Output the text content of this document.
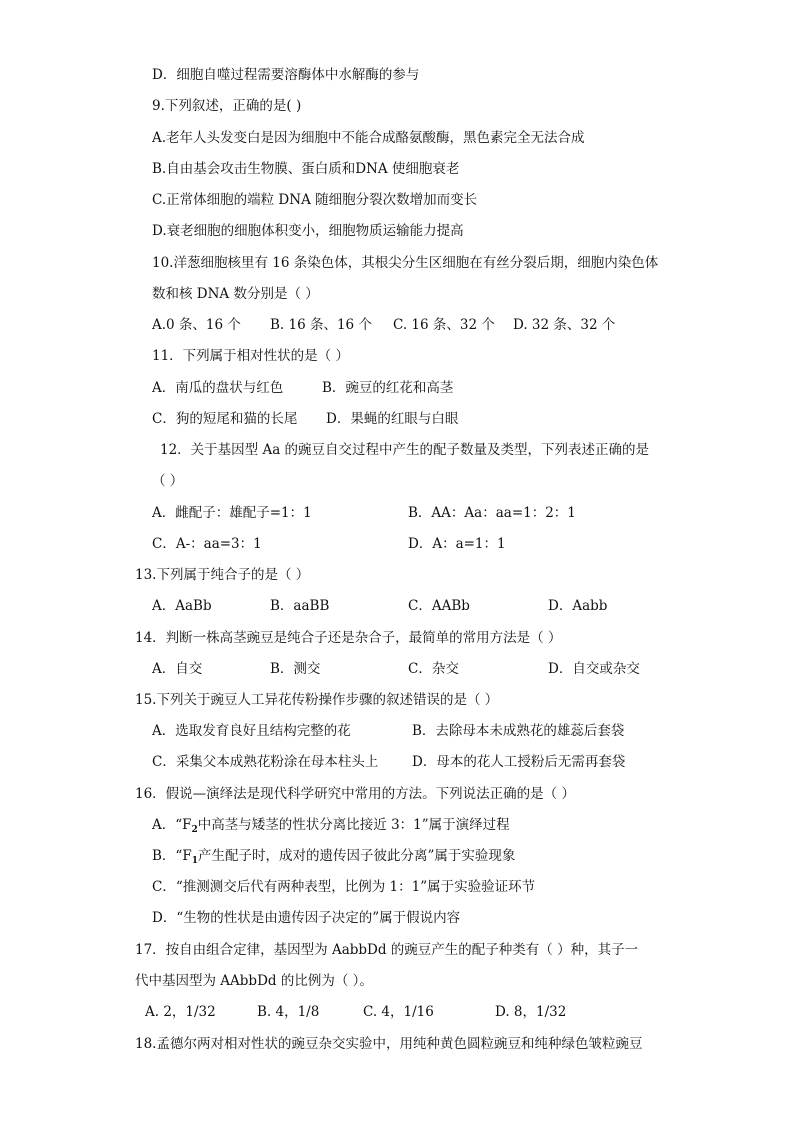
D．细胞自噬过程需要溶酶体中水解酶的参与
9.下列叙述，正确的是( )
A.老年人头发变白是因为细胞中不能合成酪氨酸酶，黑色素完全无法合成
B.自由基会攻击生物膜、蛋白质和DNA 使细胞衰老
C.正常体细胞的端粒 DNA 随细胞分裂次数增加而变长
D.衰老细胞的细胞体积变小，细胞物质运输能力提高
10.洋葱细胞核里有 16 条染色体，其根尖分生区细胞在有丝分裂后期，细胞内染色体
数和核 DNA 数分别是（ ）
A.0 条、16 个 B. 16 条、16 个 C. 16 条、32 个 D. 32 条、32 个
11．下列属于相对性状的是（ ）
A．南瓜的盘状与红色	B．豌豆的红花和高茎
C．狗的短尾和猫的长尾 D．果蝇的红眼与白眼
12．关于基因型 Aa 的豌豆自交过程中产生的配子数量及类型，下列表述正确的是
（ ）
A．雌配子：雄配子=1：1	B．AA：Aa：aa=1：2：1
C．A-：aa=3：1	D．A：a=1：1
13.下列属于纯合子的是（ ）
A．AaBb	B．aaBB	C．AABb	D．Aabb
14．判断一株高茎豌豆是纯合子还是杂合子，最简单的常用方法是（ ）
A．自交	B．测交	C．杂交	D．自交或杂交
15.下列关于豌豆人工异花传粉操作步骤的叙述错误的是（ ）
A．选取发育良好且结构完整的花	B．去除母本未成熟花的雄蕊后套袋
C．采集父本成熟花粉涂在母本柱头上 D．母本的花人工授粉后无需再套袋
16．假说—演绎法是现代科学研究中常用的方法。下列说法正确的是（ ）
A．“$F_2$中高茎与矮茎的性状分离比接近 3：1”属于演绎过程
B．“$F_1$产生配子时，成对的遗传因子彼此分离”属于实验现象
C．“推测测交后代有两种表型，比例为 1：1”属于实验验证环节
D．“生物的性状是由遗传因子决定的”属于假说内容
17．按自由组合定律，基因型为 AabbDd 的豌豆产生的配子种类有（ ）种，其子一
代中基因型为 AAbbDd 的比例为（ ）。
A. 2，1/32	B. 4，1/8	C. 4，1/16	D. 8，1/32
18.孟德尔两对相对性状的豌豆杂交实验中，用纯种黄色圆粒豌豆和纯种绿色皱粒豌豆
